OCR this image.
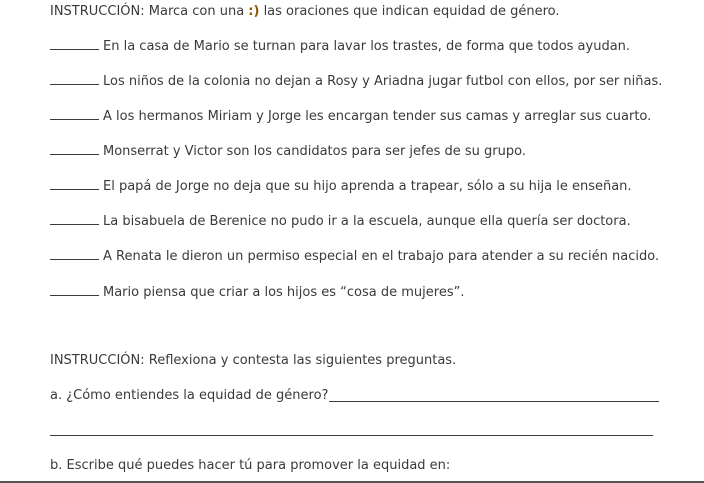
INSTRUCCIÓN: Marca con una :) las oraciones que indican equidad de género.
En la casa de Mario se turnan para lavar los trastes, de forma que todos ayudan.
Los niños de la colonia no dejan a Rosy y Ariadna jugar futbol con ellos, por ser niñas.
A los hermanos Miriam y Jorge les encargan tender sus camas y arreglar sus cuarto.
Monserrat y Victor son los candidatos para ser jefes de su grupo.
El papá de Jorge no deja que su hijo aprenda a trapear, sólo a su hija le enseñan.
La bisabuela de Berenice no pudo ir a la escuela, aunque ella quería ser doctora.
A Renata le dieron un permiso especial en el trabajo para atender a su recién nacido.
Mario piensa que criar a los hijos es “cosa de mujeres”.
INSTRUCCIÓN: Reflexiona y contesta las siguientes preguntas.
a. ¿Cómo entiendes la equidad de género?
b. Escribe qué puedes hacer tú para promover la equidad en:
